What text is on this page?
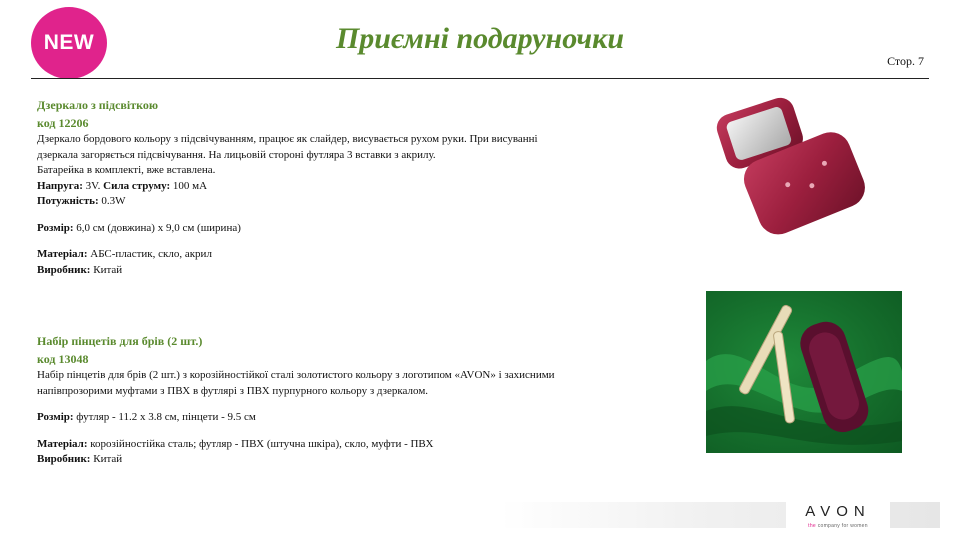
NEW	Приємні подаруночки
Стор. 7

Дзеркало з підсвіткою

код 12206

Дзеркало бордового кольору з підсвічуванням, працює як слайдер, висувається рухом руки. При висуванні

дзеркала загоряється підсвічування. На лицьовій стороні футляра 3 вставки з акрилу.

Батарейка в комплекті, вже вставлена.

Напруга: 3V. Сила струму: 100 мА

Потужність: 0.3W

Розмір: 6,0 см (довжина) х 9,0 см (ширина)

Матеріал: АБС-пластик, скло, акрил

Виробник: Китай

Набір пінцетів для брів (2 шт.)

код 13048

Набір пінцетів для брів (2 шт.) з корозійностійкої сталі золотистого кольору з логотипом «AVON» і захисними

напівпрозорими муфтами з ПВХ в футлярі з ПВХ пурпурного кольору з дзеркалом.

Розмір: футляр - 11.2 х 3.8 см, пінцети - 9.5 см

Матеріал: корозійностійка сталь; футляр - ПВХ (штучна шкіра), скло, муфти - ПВХ

Виробник: Китай

AVON
the company for women
